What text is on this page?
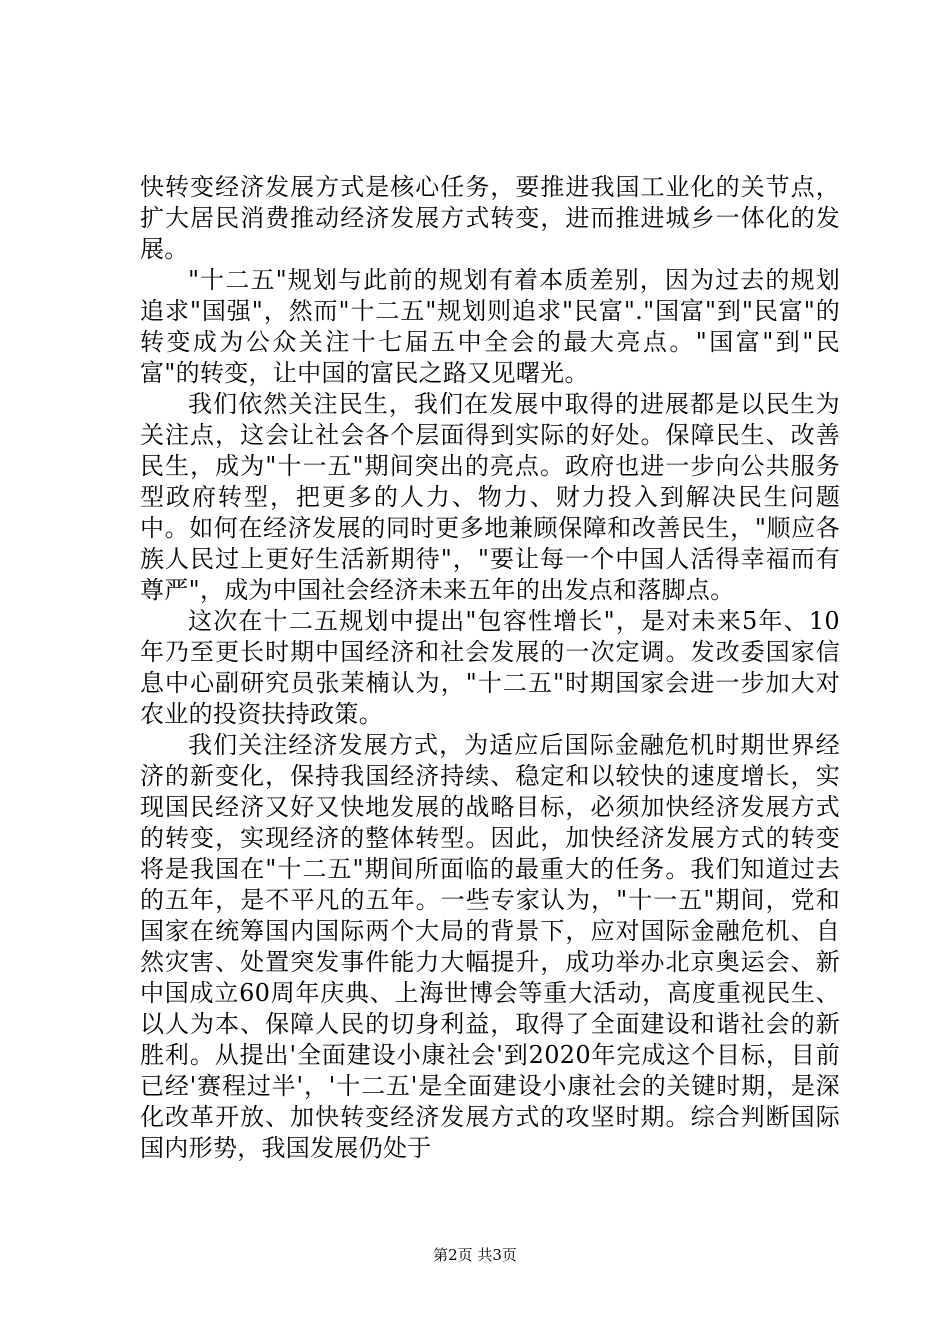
快转变经济发展方式是核心任务，要推进我国工业化的关节点，扩大居民消费推动经济发展方式转变，进而推进城乡一体化的发展。

"十二五"规划与此前的规划有着本质差别，因为过去的规划追求"国强"，然而"十二五"规划则追求"民富"."国富"到"民富"的转变成为公众关注十七届五中全会的最大亮点。"国富"到"民富"的转变，让中国的富民之路又见曙光。

我们依然关注民生，我们在发展中取得的进展都是以民生为关注点，这会让社会各个层面得到实际的好处。保障民生、改善民生，成为"十一五"期间突出的亮点。政府也进一步向公共服务型政府转型，把更多的人力、物力、财力投入到解决民生问题中。如何在经济发展的同时更多地兼顾保障和改善民生，"顺应各族人民过上更好生活新期待"，"要让每一个中国人活得幸福而有尊严"，成为中国社会经济未来五年的出发点和落脚点。

这次在十二五规划中提出"包容性增长"，是对未来5年、10年乃至更长时期中国经济和社会发展的一次定调。发改委国家信息中心副研究员张茉楠认为，"十二五"时期国家会进一步加大对农业的投资扶持政策。

我们关注经济发展方式，为适应后国际金融危机时期世界经济的新变化，保持我国经济持续、稳定和以较快的速度增长，实现国民经济又好又快地发展的战略目标，必须加快经济发展方式的转变，实现经济的整体转型。因此，加快经济发展方式的转变将是我国在"十二五"期间所面临的最重大的任务。我们知道过去的五年，是不平凡的五年。一些专家认为，"十一五"期间，党和国家在统筹国内国际两个大局的背景下，应对国际金融危机、自然灾害、处置突发事件能力大幅提升，成功举办北京奥运会、新中国成立60周年庆典、上海世博会等重大活动，高度重视民生、以人为本、保障人民的切身利益，取得了全面建设和谐社会的新胜利。从提出'全面建设小康社会'到2020年完成这个目标，目前已经'赛程过半'，'十二五'是全面建设小康社会的关键时期，是深化改革开放、加快转变经济发展方式的攻坚时期。综合判断国际国内形势，我国发展仍处于

第2页 共3页
